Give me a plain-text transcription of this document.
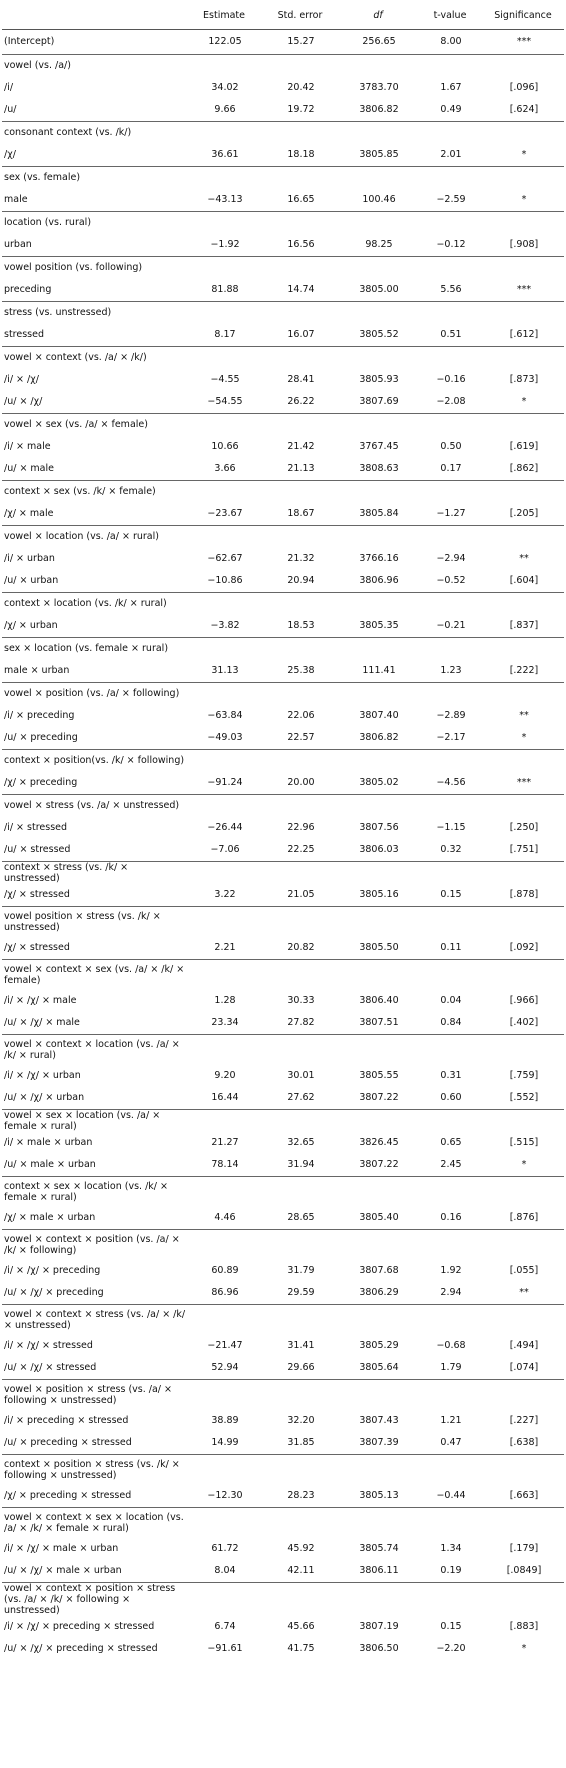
	Estimate	Std. error	df	t-value	Significance
(Intercept)	122.05	15.27	256.65	8.00	***
vowel (vs. /a/)					
/i/	34.02	20.42	3783.70	1.67	[.096]
/u/	9.66	19.72	3806.82	0.49	[.624]
consonant context (vs. /k/)					
/χ/	36.61	18.18	3805.85	2.01	*
sex (vs. female)					
male	−43.13	16.65	100.46	−2.59	*
location (vs. rural)					
urban	−1.92	16.56	98.25	−0.12	[.908]
vowel position (vs. following)					
preceding	81.88	14.74	3805.00	5.56	***
stress (vs. unstressed)					
stressed	8.17	16.07	3805.52	0.51	[.612]
vowel × context (vs. /a/ × /k/)					
/i/ × /χ/	−4.55	28.41	3805.93	−0.16	[.873]
/u/ × /χ/	−54.55	26.22	3807.69	−2.08	*
vowel × sex (vs. /a/ × female)					
/i/ × male	10.66	21.42	3767.45	0.50	[.619]
/u/ × male	3.66	21.13	3808.63	0.17	[.862]
context × sex (vs. /k/ × female)					
/χ/ × male	−23.67	18.67	3805.84	−1.27	[.205]
vowel × location (vs. /a/ × rural)					
/i/ × urban	−62.67	21.32	3766.16	−2.94	**
/u/ × urban	−10.86	20.94	3806.96	−0.52	[.604]
context × location (vs. /k/ × rural)					
/χ/ × urban	−3.82	18.53	3805.35	−0.21	[.837]
sex × location (vs. female × rural)					
male × urban	31.13	25.38	111.41	1.23	[.222]
vowel × position (vs. /a/ × following)					
/i/ × preceding	−63.84	22.06	3807.40	−2.89	**
/u/ × preceding	−49.03	22.57	3806.82	−2.17	*
context × position(vs. /k/ × following)					
/χ/ × preceding	−91.24	20.00	3805.02	−4.56	***
vowel × stress (vs. /a/ × unstressed)					
/i/ × stressed	−26.44	22.96	3807.56	−1.15	[.250]
/u/ × stressed	−7.06	22.25	3806.03	0.32	[.751]
context × stress (vs. /k/ × unstressed)					
/χ/ × stressed	3.22	21.05	3805.16	0.15	[.878]
vowel position × stress (vs. /k/ × unstressed)					
/χ/ × stressed	2.21	20.82	3805.50	0.11	[.092]
vowel × context × sex (vs. /a/ × /k/ × female)					
/i/ × /χ/ × male	1.28	30.33	3806.40	0.04	[.966]
/u/ × /χ/ × male	23.34	27.82	3807.51	0.84	[.402]
vowel × context × location (vs. /a/ × /k/ × rural)					
/i/ × /χ/ × urban	9.20	30.01	3805.55	0.31	[.759]
/u/ × /χ/ × urban	16.44	27.62	3807.22	0.60	[.552]
vowel × sex × location (vs. /a/ × female × rural)					
/i/ × male × urban	21.27	32.65	3826.45	0.65	[.515]
/u/ × male × urban	78.14	31.94	3807.22	2.45	*
context × sex × location (vs. /k/ × female × rural)					
/χ/ × male × urban	4.46	28.65	3805.40	0.16	[.876]
vowel × context × position (vs. /a/ × /k/ × following)					
/i/ × /χ/ × preceding	60.89	31.79	3807.68	1.92	[.055]
/u/ × /χ/ × preceding	86.96	29.59	3806.29	2.94	**
vowel × context × stress (vs. /a/ × /k/ × unstressed)					
/i/ × /χ/ × stressed	−21.47	31.41	3805.29	−0.68	[.494]
/u/ × /χ/ × stressed	52.94	29.66	3805.64	1.79	[.074]
vowel × position × stress (vs. /a/ × following × unstressed)					
/i/ × preceding × stressed	38.89	32.20	3807.43	1.21	[.227]
/u/ × preceding × stressed	14.99	31.85	3807.39	0.47	[.638]
context × position × stress (vs. /k/ × following × unstressed)					
/χ/ × preceding × stressed	−12.30	28.23	3805.13	−0.44	[.663]
vowel × context × sex × location (vs. /a/ × /k/ × female × rural)					
/i/ × /χ/ × male × urban	61.72	45.92	3805.74	1.34	[.179]
/u/ × /χ/ × male × urban	8.04	42.11	3806.11	0.19	[.0849]
vowel × context × position × stress (vs. /a/ × /k/ × following × unstressed)					
/i/ × /χ/ × preceding × stressed	6.74	45.66	3807.19	0.15	[.883]
/u/ × /χ/ × preceding × stressed	−91.61	41.75	3806.50	−2.20	*
